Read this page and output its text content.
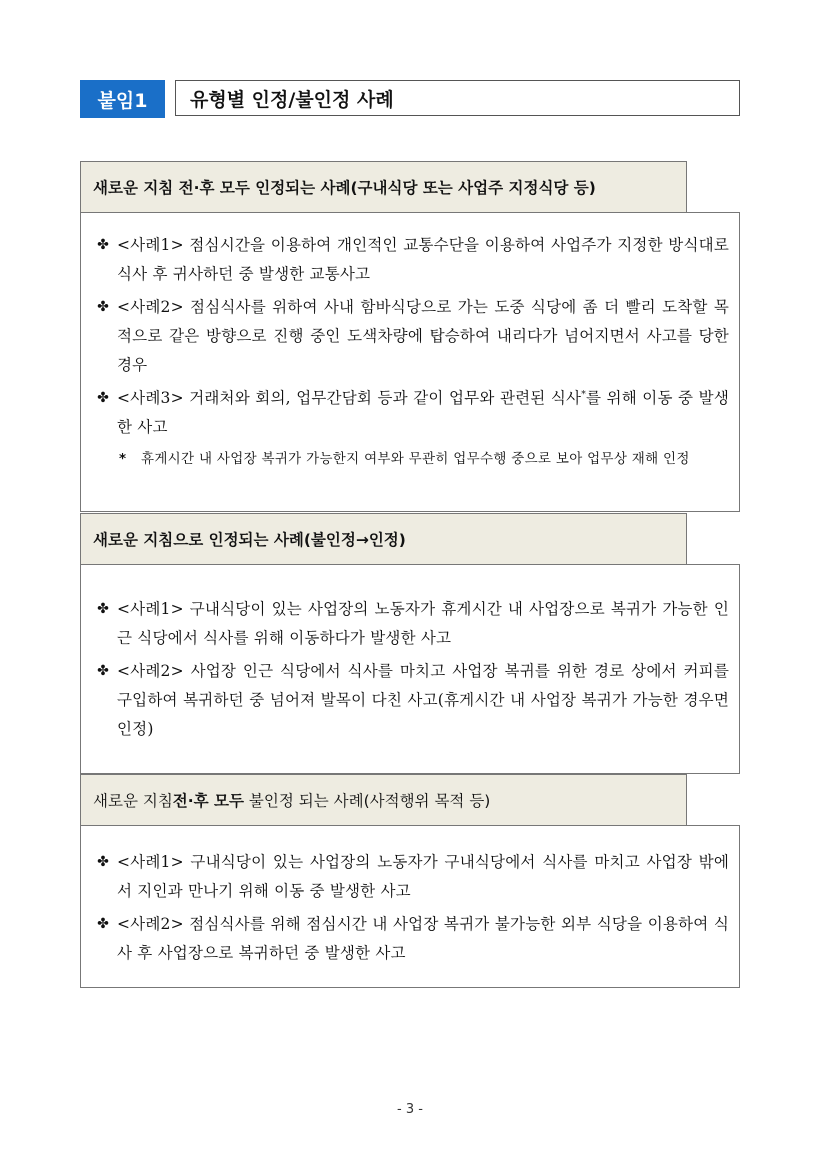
붙임1	유형별 인정/불인정 사례
새로운 지침 전·후 모두 인정되는 사례(구내식당 또는 사업주 지정식당 등)
✤ <사례1> 점심시간을 이용하여 개인적인 교통수단을 이용하여 사업주가 지정한 방식대로 식사 후 귀사하던 중 발생한 교통사고
✤ <사례2> 점심식사를 위하여 사내 함바식당으로 가는 도중 식당에 좀 더 빨리 도착할 목적으로 같은 방향으로 진행 중인 도색차량에 탑승하여 내리다가 넘어지면서 사고를 당한 경우
✤ <사례3> 거래처와 회의, 업무간담회 등과 같이 업무와 관련된 식사*를 위해 이동 중 발생한 사고
*	휴게시간 내 사업장 복귀가 가능한지 여부와 무관히 업무수행 중으로 보아 업무상 재해 인정
새로운 지침으로 인정되는 사례(불인정→인정)
✤ <사례1> 구내식당이 있는 사업장의 노동자가 휴게시간 내 사업장으로 복귀가 가능한 인근 식당에서 식사를 위해 이동하다가 발생한 사고
✤ <사례2> 사업장 인근 식당에서 식사를 마치고 사업장 복귀를 위한 경로 상에서 커피를 구입하여 복귀하던 중 넘어져 발목이 다친 사고(휴게시간 내 사업장 복귀가 가능한 경우면 인정)
새로운 지침 전·후 모두 불인정 되는 사례(사적행위 목적 등)
✤ <사례1> 구내식당이 있는 사업장의 노동자가 구내식당에서 식사를 마치고 사업장 밖에서 지인과 만나기 위해 이동 중 발생한 사고
✤ <사례2> 점심식사를 위해 점심시간 내 사업장 복귀가 불가능한 외부 식당을 이용하여 식사 후 사업장으로 복귀하던 중 발생한 사고
- 3 -
